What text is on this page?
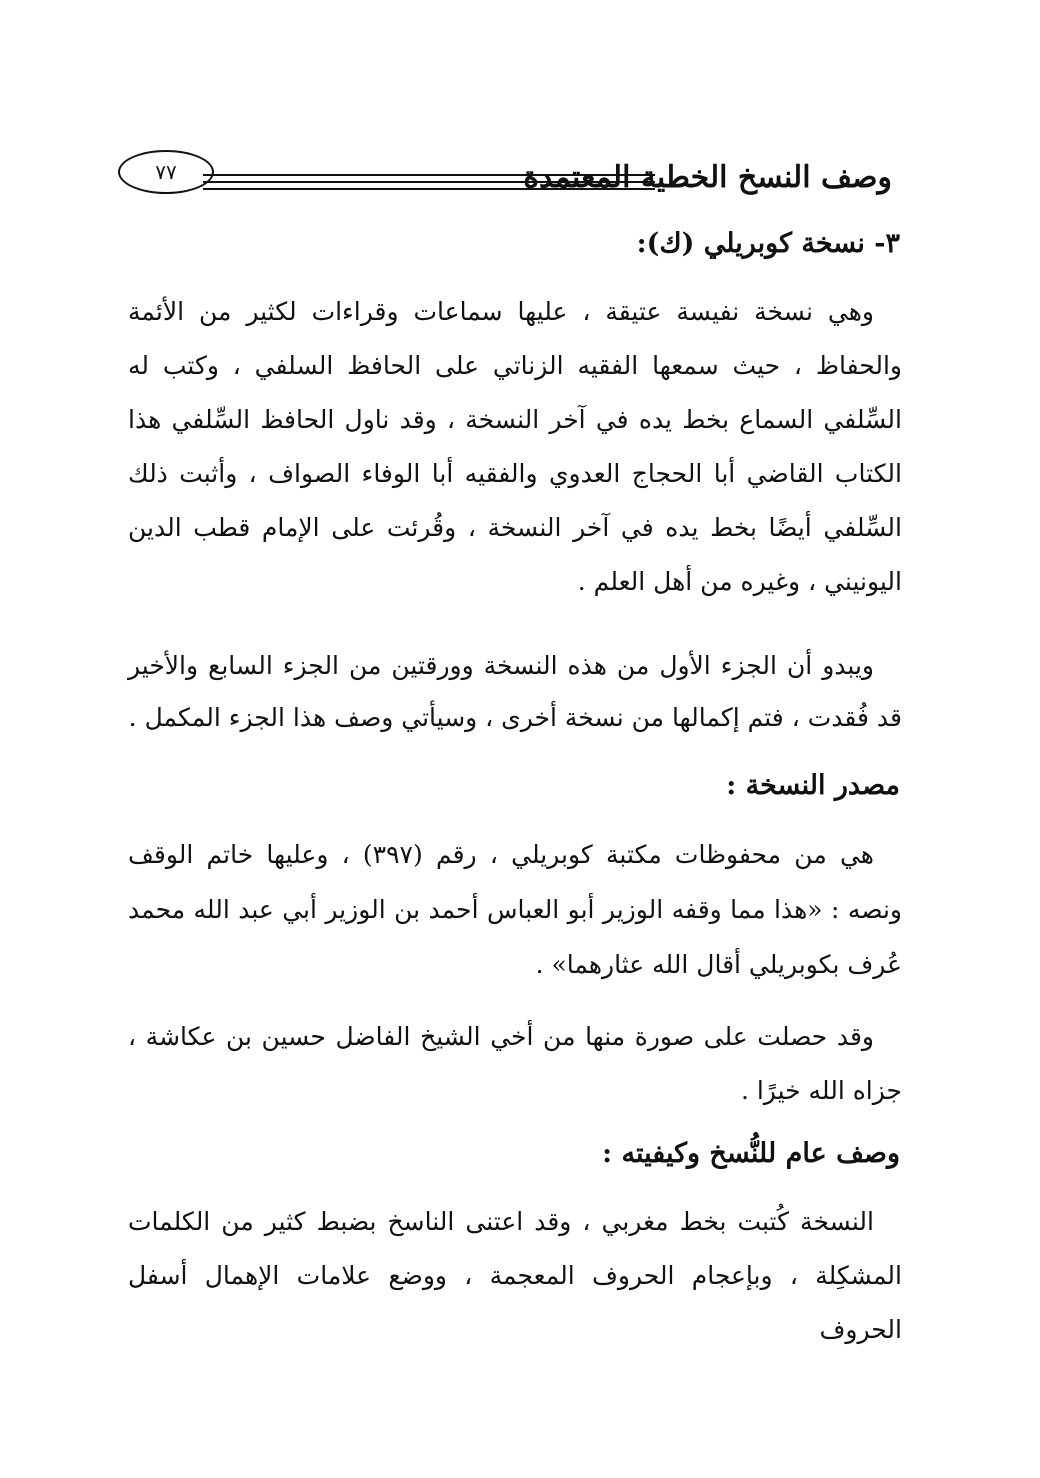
وصف النسخ الخطية المعتمدة
٧٧
٣- نسخة كوبريلي (ك):

وهي نسخة نفيسة عتيقة ، عليها سماعات وقراءات لكثير من الأئمة والحفاظ ، حيث سمعها الفقيه الزناتي على الحافظ السلفي ، وكتب له السِّلفي السماع بخط يده في آخر النسخة ، وقد ناول الحافظ السِّلفي هذا الكتاب القاضي أبا الحجاج العدوي والفقيه أبا الوفاء الصواف ، وأثبت ذلك السِّلفي أيضًا بخط يده في آخر النسخة ، وقُرئت على الإمام قطب الدين اليونيني ، وغيره من أهل العلم .

ويبدو أن الجزء الأول من هذه النسخة وورقتين من الجزء السابع والأخير قد فُقدت ، فتم إكمالها من نسخة أخرى ، وسيأتي وصف هذا الجزء المكمل .

مصدر النسخة :

هي من محفوظات مكتبة كوبريلي ، رقم (٣٩٧) ، وعليها خاتم الوقف ونصه : «هذا مما وقفه الوزير أبو العباس أحمد بن الوزير أبي عبد الله محمد عُرف بكوبريلي أقال الله عثارهما» .

وقد حصلت على صورة منها من أخي الشيخ الفاضل حسين بن عكاشة ، جزاه الله خيرًا .

وصف عام للنُّسخ وكيفيته :

النسخة كُتبت بخط مغربي ، وقد اعتنى الناسخ بضبط كثير من الكلمات المشكِلة ، وبإعجام الحروف المعجمة ، ووضع علامات الإهمال أسفل الحروف
